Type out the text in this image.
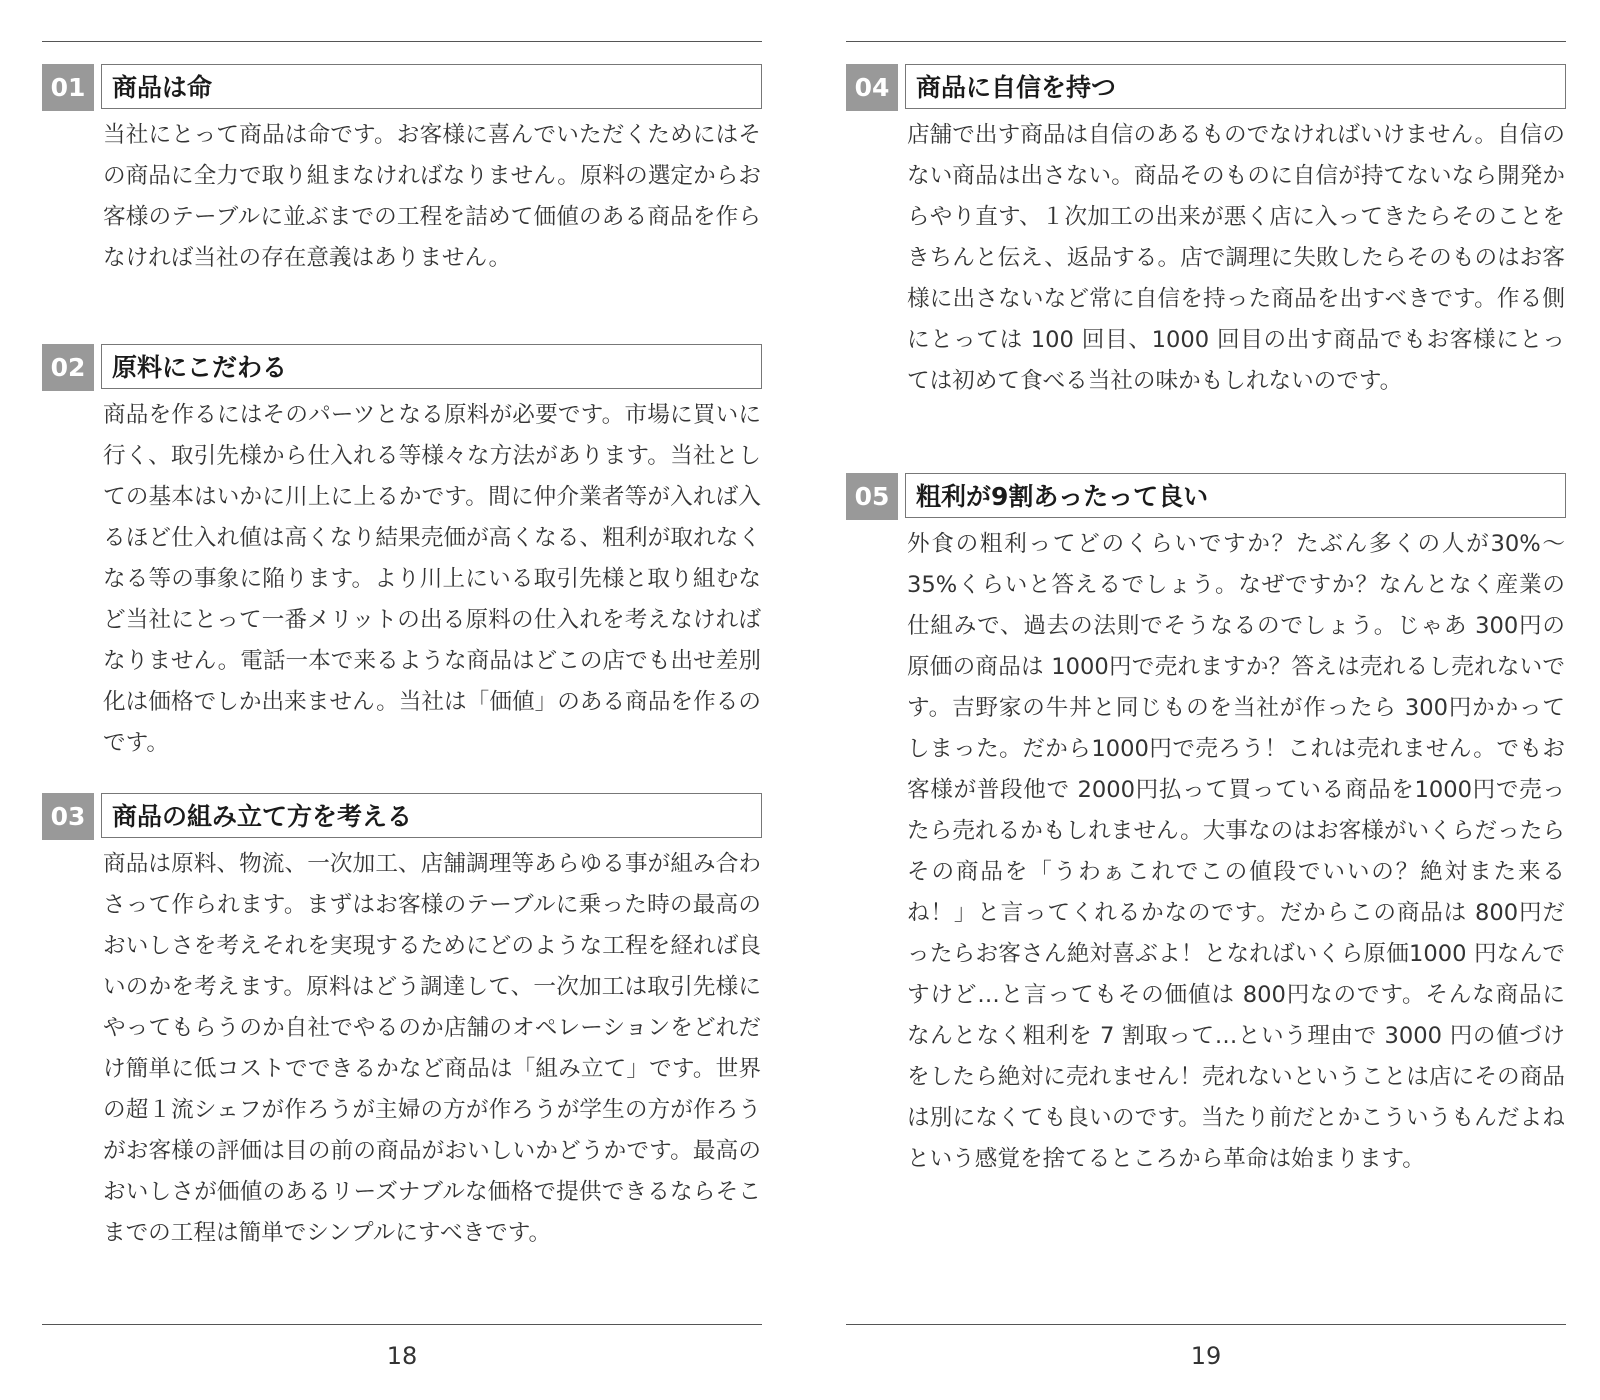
01	商品は命
当社にとって商品は命です。お客様に喜んでいただくためにはその商品に全力で取り組まなければなりません。原料の選定からお客様のテーブルに並ぶまでの工程を詰めて価値のある商品を作らなければ当社の存在意義はありません。
02	原料にこだわる
商品を作るにはそのパーツとなる原料が必要です。市場に買いに行く、取引先様から仕入れる等様々な方法があります。当社としての基本はいかに川上に上るかです。間に仲介業者等が入れば入るほど仕入れ値は高くなり結果売価が高くなる、粗利が取れなくなる等の事象に陥ります。より川上にいる取引先様と取り組むなど当社にとって一番メリットの出る原料の仕入れを考えなければなりません。電話一本で来るような商品はどこの店でも出せ差別化は価格でしか出来ません。当社は「価値」のある商品を作るのです。
03	商品の組み立て方を考える
商品は原料、物流、一次加工、店舗調理等あらゆる事が組み合わさって作られます。まずはお客様のテーブルに乗った時の最高のおいしさを考えそれを実現するためにどのような工程を経れば良いのかを考えます。原料はどう調達して、一次加工は取引先様にやってもらうのか自社でやるのか店舗のオペレーションをどれだけ簡単に低コストでできるかなど商品は「組み立て」です。世界の超１流シェフが作ろうが主婦の方が作ろうが学生の方が作ろうがお客様の評価は目の前の商品がおいしいかどうかです。最高のおいしさが価値のあるリーズナブルな価格で提供できるならそこまでの工程は簡単でシンプルにすべきです。
18
04	商品に自信を持つ
店舗で出す商品は自信のあるものでなければいけません。自信のない商品は出さない。商品そのものに自信が持てないなら開発からやり直す、１次加工の出来が悪く店に入ってきたらそのことをきちんと伝え、返品する。店で調理に失敗したらそのものはお客様に出さないなど常に自信を持った商品を出すべきです。作る側にとっては 100 回目、1000 回目の出す商品でもお客様にとっては初めて食べる当社の味かもしれないのです。
05	粗利が9割あったって良い
外食の粗利ってどのくらいですか？たぶん多くの人が30%〜35%くらいと答えるでしょう。なぜですか？なんとなく産業の仕組みで、過去の法則でそうなるのでしょう。じゃあ 300円の原価の商品は 1000円で売れますか？答えは売れるし売れないです。吉野家の牛丼と同じものを当社が作ったら 300円かかってしまった。だから1000円で売ろう！これは売れません。でもお客様が普段他で 2000円払って買っている商品を1000円で売ったら売れるかもしれません。大事なのはお客様がいくらだったらその商品を「うわぁこれでこの値段でいいの？絶対また来るね！」と言ってくれるかなのです。だからこの商品は 800円だったらお客さん絶対喜ぶよ！となればいくら原価1000 円なんですけど…と言ってもその価値は 800円なのです。そんな商品になんとなく粗利を 7 割取って…という理由で 3000 円の値づけをしたら絶対に売れません！売れないということは店にその商品は別になくても良いのです。当たり前だとかこういうもんだよねという感覚を捨てるところから革命は始まります。
19
